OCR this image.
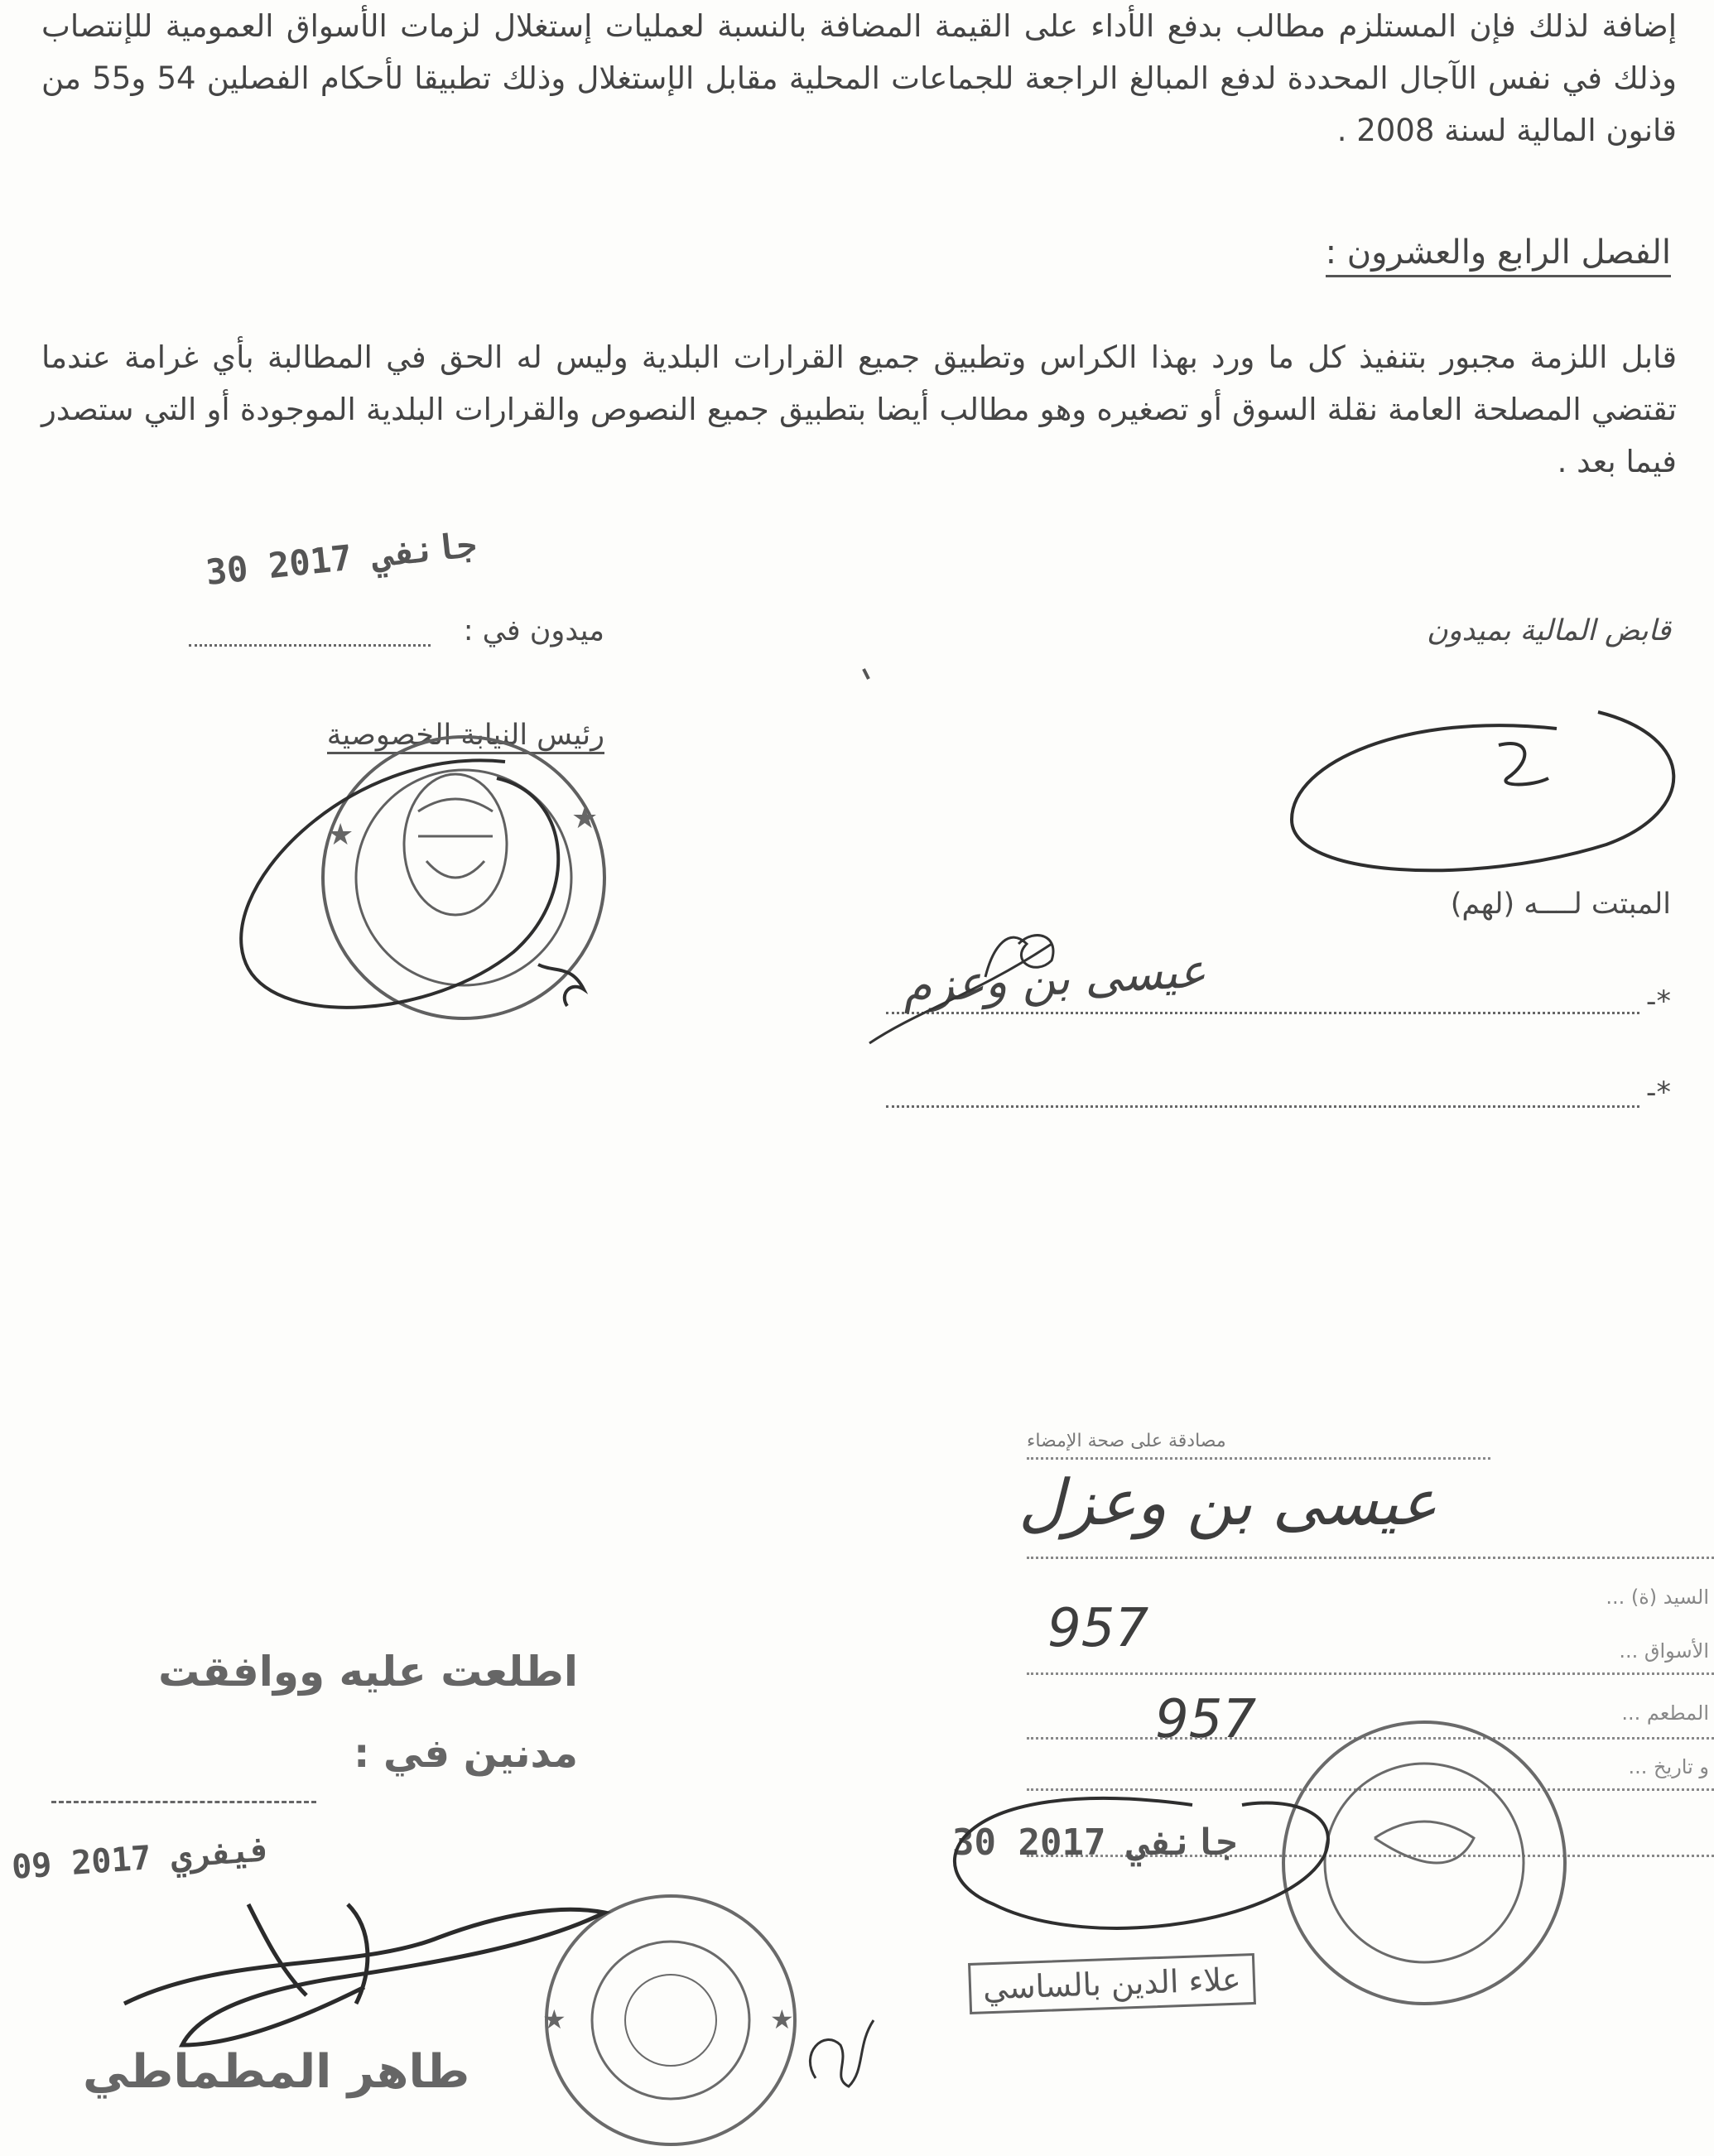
إضافة لذلك فإن المستلزم مطالب بدفع الأداء على القيمة المضافة بالنسبة لعمليات إستغلال لزمات الأسواق العمومية للإنتصاب وذلك في نفس الآجال المحددة لدفع المبالغ الراجعة للجماعات المحلية مقابل الإستغلال وذلك تطبيقا لأحكام الفصلين 54 و55 من قانون المالية لسنة 2008 .
الفصل الرابع والعشرون :
قابل اللزمة مجبور بتنفيذ كل ما ورد بهذا الكراس وتطبيق جميع القرارات البلدية وليس له الحق في المطالبة بأي غرامة عندما تقتضي المصلحة العامة نقلة السوق أو تصغيره وهو مطالب أيضا بتطبيق جميع النصوص والقرارات البلدية الموجودة أو التي ستصدر فيما بعد .
30 جانفي 2017
ميدون في :
رئيس النيابة الخصوصية
قابض المالية بميدون
المبتت لــــه (لهم)
*-
عيسى بن وعزم
*-
اطلعت عليه ووافقت
مدنين في :
09 فيفري 2017
طاهر المطماطي
مصادقة على صحة الإمضاء
عيسى بن وعزل
السيد (ة) ...
الأسواق ...
المطعم ...
و تاريخ ...
957
957
30 جانفي 2017
علاء الدين بالساسي
★	★
★	★
